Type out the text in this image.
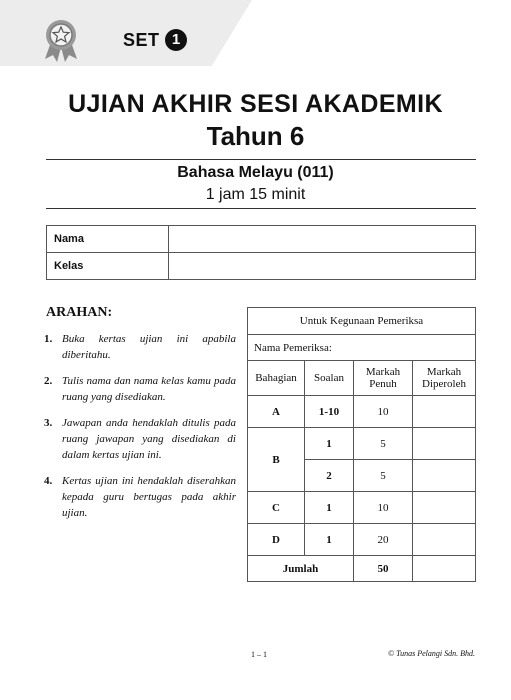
SET 1
UJIAN AKHIR SESI AKADEMIK
Tahun 6
Bahasa Melayu (011)
1 jam 15 minit
Nama	
Kelas	
ARAHAN:
1. Buka kertas ujian ini apabila diberitahu.
2. Tulis nama dan nama kelas kamu pada ruang yang disediakan.
3. Jawapan anda hendaklah ditulis pada ruang jawapan yang disediakan di dalam kertas ujian ini.
4. Kertas ujian ini hendaklah diserahkan kepada guru bertugas pada akhir ujian.
Untuk Kegunaan Pemeriksa			
Nama Pemeriksa:			
Bahagian	Soalan	Markah Penuh	Markah Diperoleh
A	1-10	10	
B	1	5	
	2	5	
C	1	10	
D	1	20	
Jumlah		50	
1 – 1	© Tunas Pelangi Sdn. Bhd.
